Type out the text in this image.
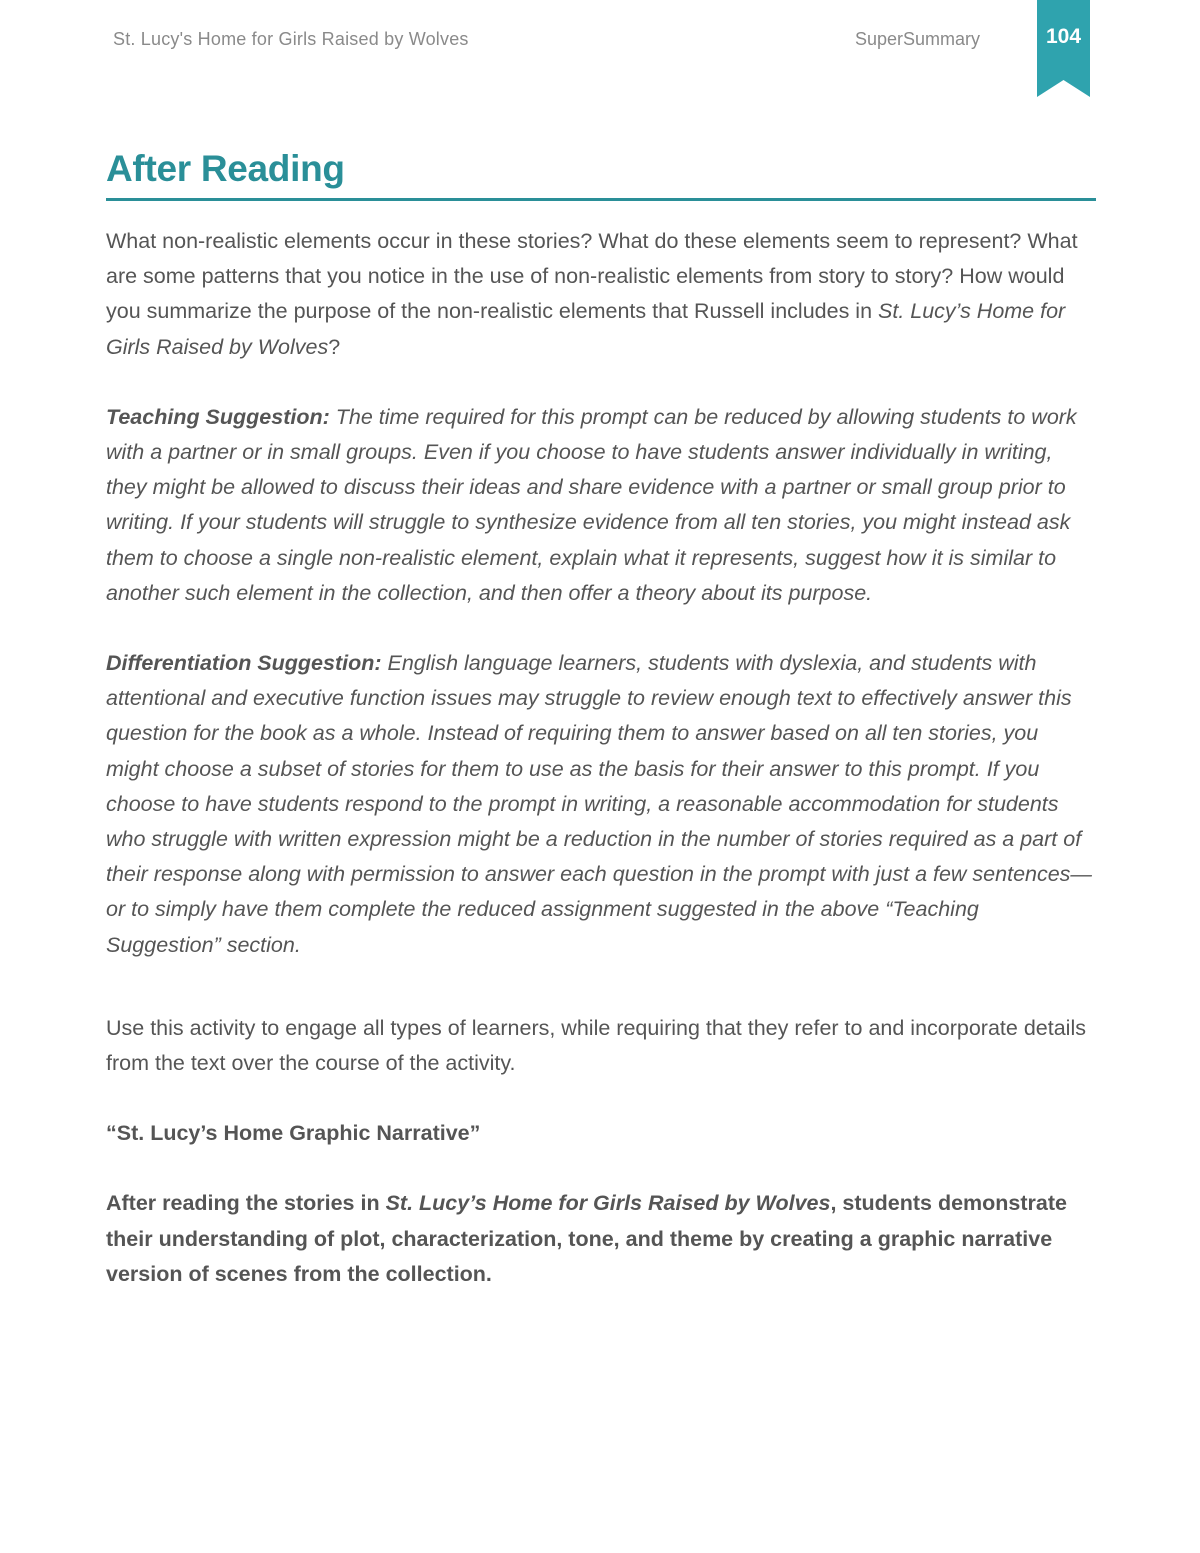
St. Lucy's Home for Girls Raised by Wolves	SuperSummary	104
After Reading

What non-realistic elements occur in these stories? What do these elements seem to represent? What are some patterns that you notice in the use of non-realistic elements from story to story? How would you summarize the purpose of the non-realistic elements that Russell includes in St. Lucy’s Home for Girls Raised by Wolves?

Teaching Suggestion: The time required for this prompt can be reduced by allowing students to work with a partner or in small groups. Even if you choose to have students answer individually in writing, they might be allowed to discuss their ideas and share evidence with a partner or small group prior to writing. If your students will struggle to synthesize evidence from all ten stories, you might instead ask them to choose a single non-realistic element, explain what it represents, suggest how it is similar to another such element in the collection, and then offer a theory about its purpose.

Differentiation Suggestion: English language learners, students with dyslexia, and students with attentional and executive function issues may struggle to review enough text to effectively answer this question for the book as a whole. Instead of requiring them to answer based on all ten stories, you might choose a subset of stories for them to use as the basis for their answer to this prompt. If you choose to have students respond to the prompt in writing, a reasonable accommodation for students who struggle with written expression might be a reduction in the number of stories required as a part of their response along with permission to answer each question in the prompt with just a few sentences—or to simply have them complete the reduced assignment suggested in the above “Teaching Suggestion” section.

Use this activity to engage all types of learners, while requiring that they refer to and incorporate details from the text over the course of the activity.

“St. Lucy’s Home Graphic Narrative”

After reading the stories in St. Lucy’s Home for Girls Raised by Wolves, students demonstrate their understanding of plot, characterization, tone, and theme by creating a graphic narrative version of scenes from the collection.
